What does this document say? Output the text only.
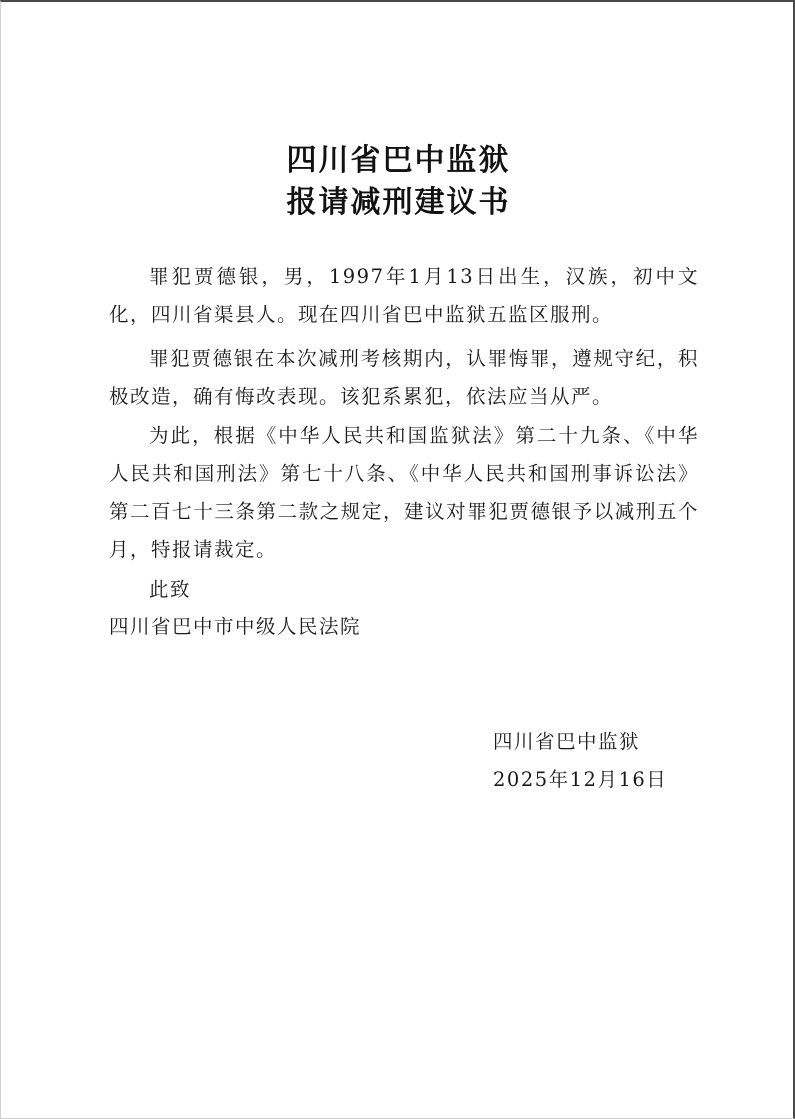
四川省巴中监狱
报请减刑建议书

罪犯贾德银，男，1997年1月13日出生，汉族，初中文化，四川省渠县人。现在四川省巴中监狱五监区服刑。

罪犯贾德银在本次减刑考核期内，认罪悔罪，遵规守纪，积极改造，确有悔改表现。该犯系累犯，依法应当从严。

为此，根据《中华人民共和国监狱法》第二十九条、《中华人民共和国刑法》第七十八条、《中华人民共和国刑事诉讼法》第二百七十三条第二款之规定，建议对罪犯贾德银予以减刑五个月，特报请裁定。

此致

四川省巴中市中级人民法院

四川省巴中监狱

2025年12月16日
